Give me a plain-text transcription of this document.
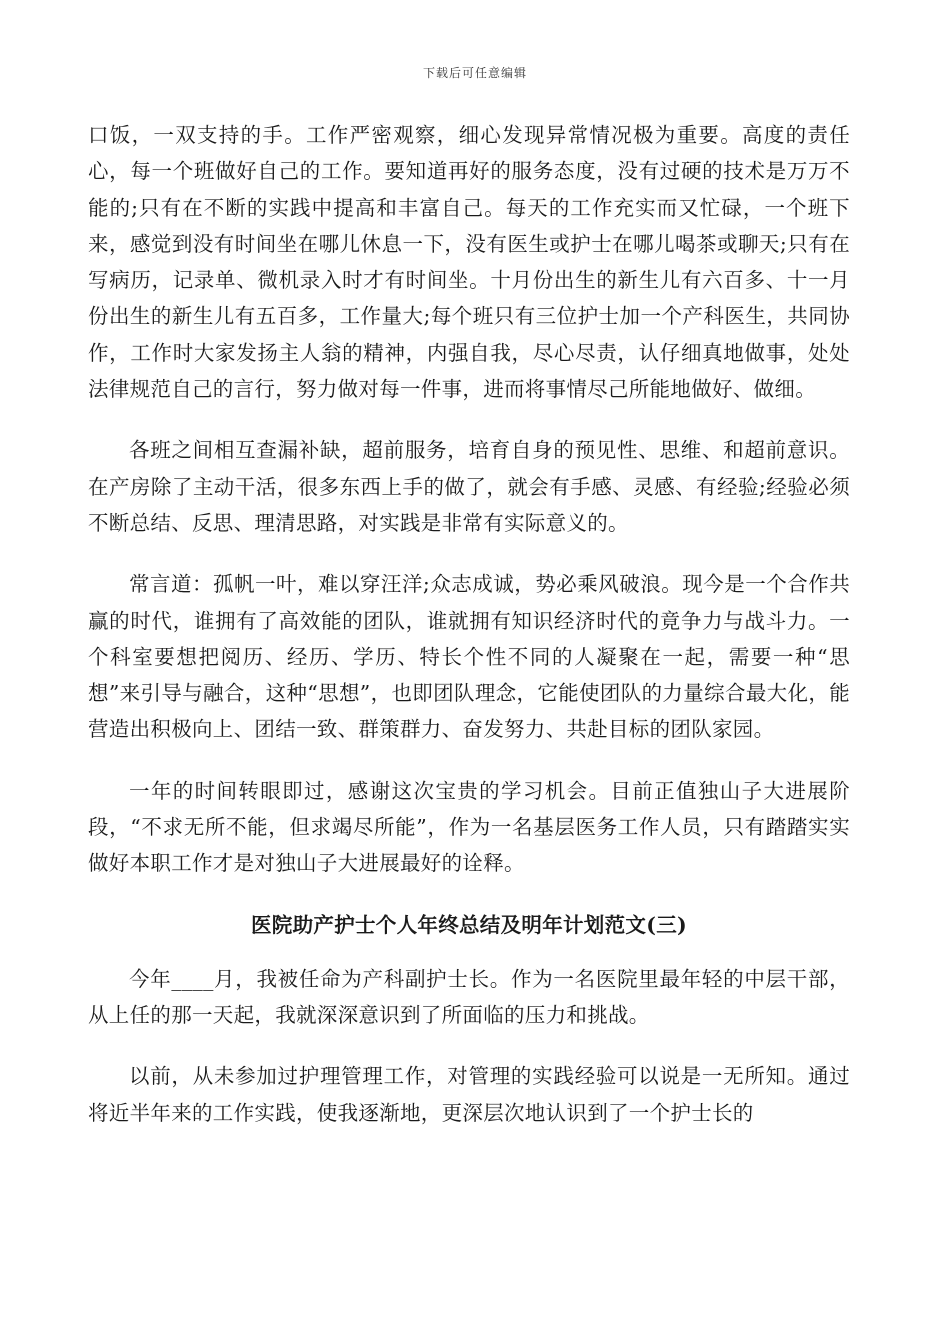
下载后可任意编辑

口饭，一双支持的手。工作严密观察，细心发现异常情况极为重要。高度的责任心，每一个班做好自己的工作。要知道再好的服务态度，没有过硬的技术是万万不能的;只有在不断的实践中提高和丰富自己。每天的工作充实而又忙碌，一个班下来，感觉到没有时间坐在哪儿休息一下，没有医生或护士在哪儿喝茶或聊天;只有在写病历，记录单、微机录入时才有时间坐。十月份出生的新生儿有六百多、十一月份出生的新生儿有五百多，工作量大;每个班只有三位护士加一个产科医生，共同协作，工作时大家发扬主人翁的精神，内强自我，尽心尽责，认仔细真地做事，处处法律规范自己的言行，努力做对每一件事，进而将事情尽己所能地做好、做细。

各班之间相互查漏补缺，超前服务，培育自身的预见性、思维、和超前意识。在产房除了主动干活，很多东西上手的做了，就会有手感、灵感、有经验;经验必须不断总结、反思、理清思路，对实践是非常有实际意义的。

常言道：孤帆一叶，难以穿汪洋;众志成诚，势必乘风破浪。现今是一个合作共赢的时代，谁拥有了高效能的团队，谁就拥有知识经济时代的竟争力与战斗力。一个科室要想把阅历、经历、学历、特长个性不同的人凝聚在一起，需要一种“思想”来引导与融合，这种“思想”，也即团队理念，它能使团队的力量综合最大化，能营造出积极向上、团结一致、群策群力、奋发努力、共赴目标的团队家园。

一年的时间转眼即过，感谢这次宝贵的学习机会。目前正值独山子大进展阶段，“不求无所不能，但求竭尽所能”，作为一名基层医务工作人员，只有踏踏实实做好本职工作才是对独山子大进展最好的诠释。

医院助产护士个人年终总结及明年计划范文(三)

今年____月，我被任命为产科副护士长。作为一名医院里最年轻的中层干部，从上任的那一天起，我就深深意识到了所面临的压力和挑战。

以前，从未参加过护理管理工作，对管理的实践经验可以说是一无所知。通过将近半年来的工作实践，使我逐渐地，更深层次地认识到了一个护士长的
